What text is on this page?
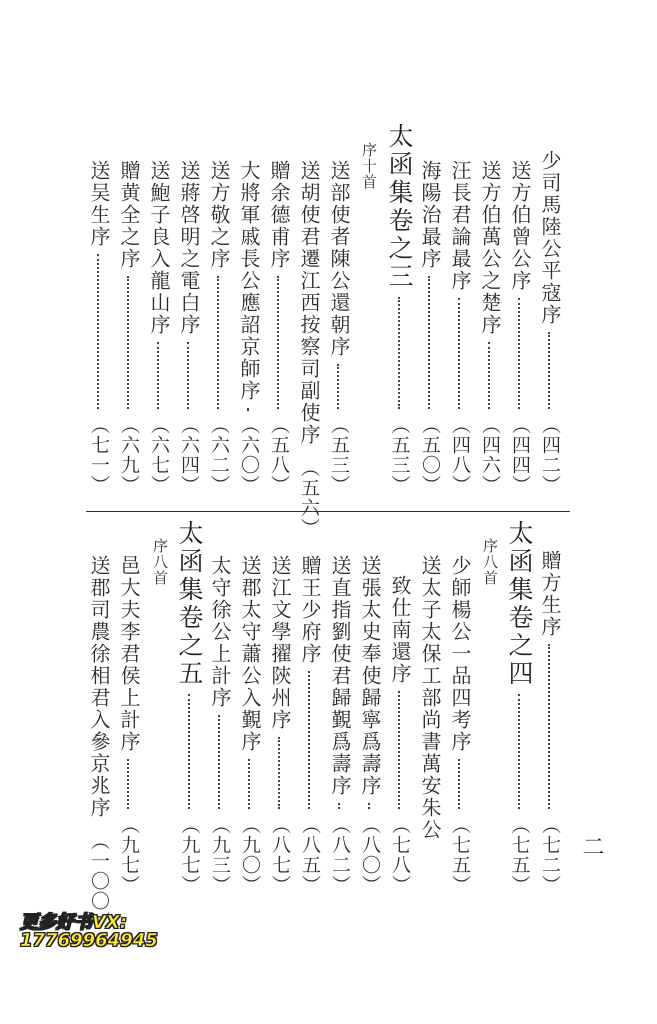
少司馬陸公平寇序
（四二）
送方伯曾公序
（四四）
送方伯萬公之楚序
（四六）
汪長君論最序
（四八）
海陽治最序
（五〇）
太函集卷之三
（五三）
序十首
送部使者陳公還朝序
（五三）
送胡使君遷江西按察司副使序
（五六）
贈余德甫序
（五八）
大將軍戚長公應詔京師序
（六〇）
送方敬之序
（六二）
送蔣啓明之電白序
（六四）
送鮑子良入龍山序
（六七）
贈黄全之序
（六九）
送吴生序
（七一）
贈方生序
（七二）
太函集卷之四
（七五）
序八首
少師楊公一品四考序
（七五）
送太子太保工部尚書萬安朱公
致仕南還序
（七八）
送張太史奉使歸寧爲壽序
（八〇）
送直指劉使君歸覲爲壽序
（八二）
贈王少府序
（八五）
送江文學擢陝州序
（八七）
送郡太守蕭公入覲序
（九〇）
太守徐公上計序
（九三）
太函集卷之五
（九七）
序八首
邑大夫李君侯上計序
（九七）
送郡司農徐相君入參京兆序
（一〇〇）	二
更多好书VX:
17769964945
